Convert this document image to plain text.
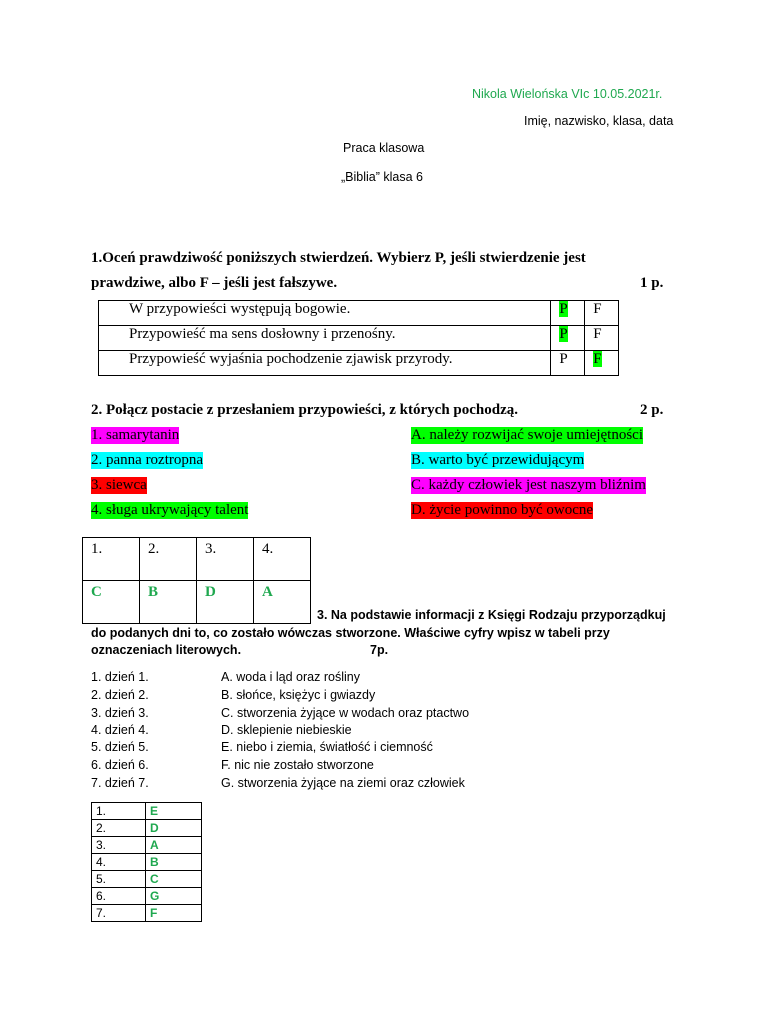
Nikola Wielońska VIc 10.05.2021r.
Imię, nazwisko, klasa, data
Praca klasowa
„Biblia” klasa 6
1.Oceń prawdziwość poniższych stwierdzeń. Wybierz P, jeśli stwierdzenie jest
prawdziwe, albo F – jeśli jest fałszywe.	1 p.
W przypowieści występują bogowie.	P	F
Przypowieść ma sens dosłowny i przenośny.	P	F
Przypowieść wyjaśnia pochodzenie zjawisk przyrody.	P	F
2. Połącz postacie z przesłaniem przypowieści, z których pochodzą.	2 p.
1. samarytanin
2. panna roztropna
3. siewca
4. sługa ukrywający talent
A. należy rozwijać swoje umiejętności
B. warto być przewidującym
C. każdy człowiek jest naszym bliźnim
D. życie powinno być owocne
1.	2.	3.	4.
C	B	D	A
3. Na podstawie informacji z Księgi Rodzaju przyporządkuj
do podanych dni to, co zostało wówczas stworzone. Właściwe cyfry wpisz w tabeli przy
oznaczeniach literowych.	7p.
1. dzień 1.
2. dzień 2.
3. dzień 3.
4. dzień 4.
5. dzień 5.
6. dzień 6.
7. dzień 7.
A. woda i ląd oraz rośliny
B. słońce, księżyc i gwiazdy
C. stworzenia żyjące w wodach oraz ptactwo
D. sklepienie niebieskie
E. niebo i ziemia, światłość i ciemność
F. nic nie zostało stworzone
G. stworzenia żyjące na ziemi oraz człowiek
1.	E
2.	D
3.	A
4.	B
5.	C
6.	G
7.	F
